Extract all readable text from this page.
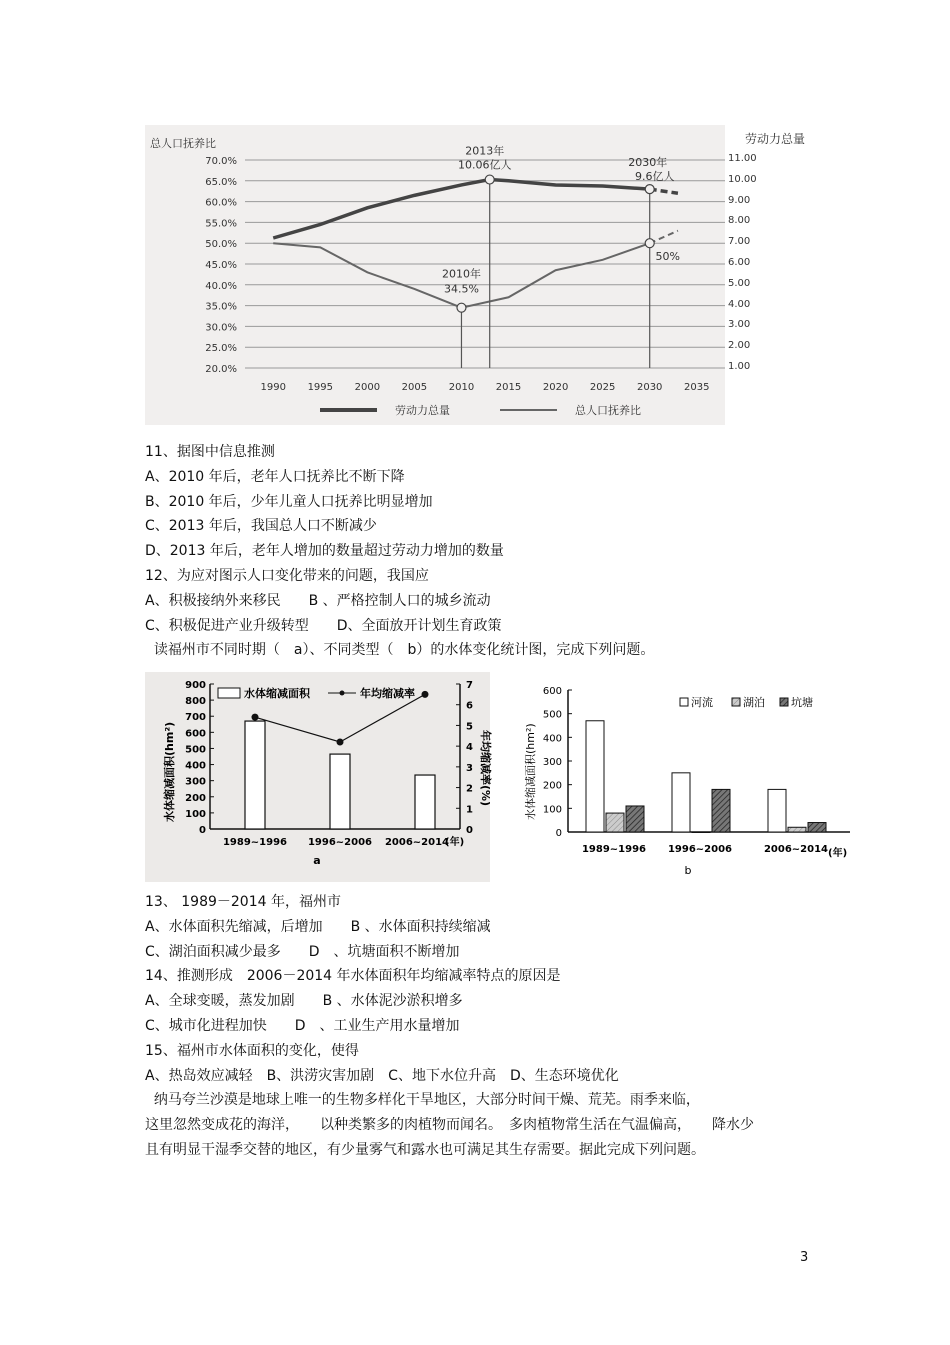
总人口抚养比
70.0%
65.0%
60.0%
55.0%
50.0%
45.0%
40.0%
35.0%
30.0%
25.0%
20.0%
1990 1995 2000 2005 2010 2015 2020 2025 2030 2035
2013年
10.06亿人	2030年
9.6亿人
2010年
34.5%
50%
劳动力总量	总人口抚养比
劳动力总量
11.00
10.00
9.00
8.00
7.00
6.00
5.00
4.00
3.00
2.00
1.00
900
800
700
600
500
400
300
200
100
0
7
6
5
4
3
2
1
0
水体缩减面积(hm²)	年均缩减率(%)
水体缩减面积	年均缩减率
1989~1996 1996~2006 2006~2014
(年)
a
600
500
400
300
200
100
0
水体缩减面积(hm²)
河流	湖泊 坑塘
1989~1996 1996~2006	2006~2014 (年)
b
11、据图中信息推测
A、2010 年后，老年人口抚养比不断下降
B、2010 年后，少年儿童人口抚养比明显增加
C、2013 年后，我国总人口不断减少
D、2013 年后，老年人增加的数量超过劳动力增加的数量
12、为应对图示人口变化带来的问题，我国应
A、积极接纳外来移民　　B 、严格控制人口的城乡流动
C、积极促进产业升级转型　　D、全面放开计划生育政策
读福州市不同时期（　a）、不同类型（　b）的水体变化统计图，完成下列问题。
13、 1989－2014 年，福州市
A、水体面积先缩减，后增加　　B 、水体面积持续缩减
C、湖泊面积减少最多　　D　、坑塘面积不断增加
14、推测形成　2006－2014 年水体面积年均缩减率特点的原因是
A、全球变暖，蒸发加剧　　B 、水体泥沙淤积增多
C、城市化进程加快　　D　、工业生产用水量增加
15、福州市水体面积的变化，使得
A、热岛效应减轻　B、洪涝灾害加剧　C、地下水位升高　D、生态环境优化
纳马夸兰沙漠是地球上唯一的生物多样化干旱地区，大部分时间干燥、荒芜。雨季来临，
这里忽然变成花的海洋，　　以种类繁多的肉植物而闻名。　多肉植物常生活在气温偏高，　　降水少
且有明显干湿季交替的地区，有少量雾气和露水也可满足其生存需要。据此完成下列问题。
3
